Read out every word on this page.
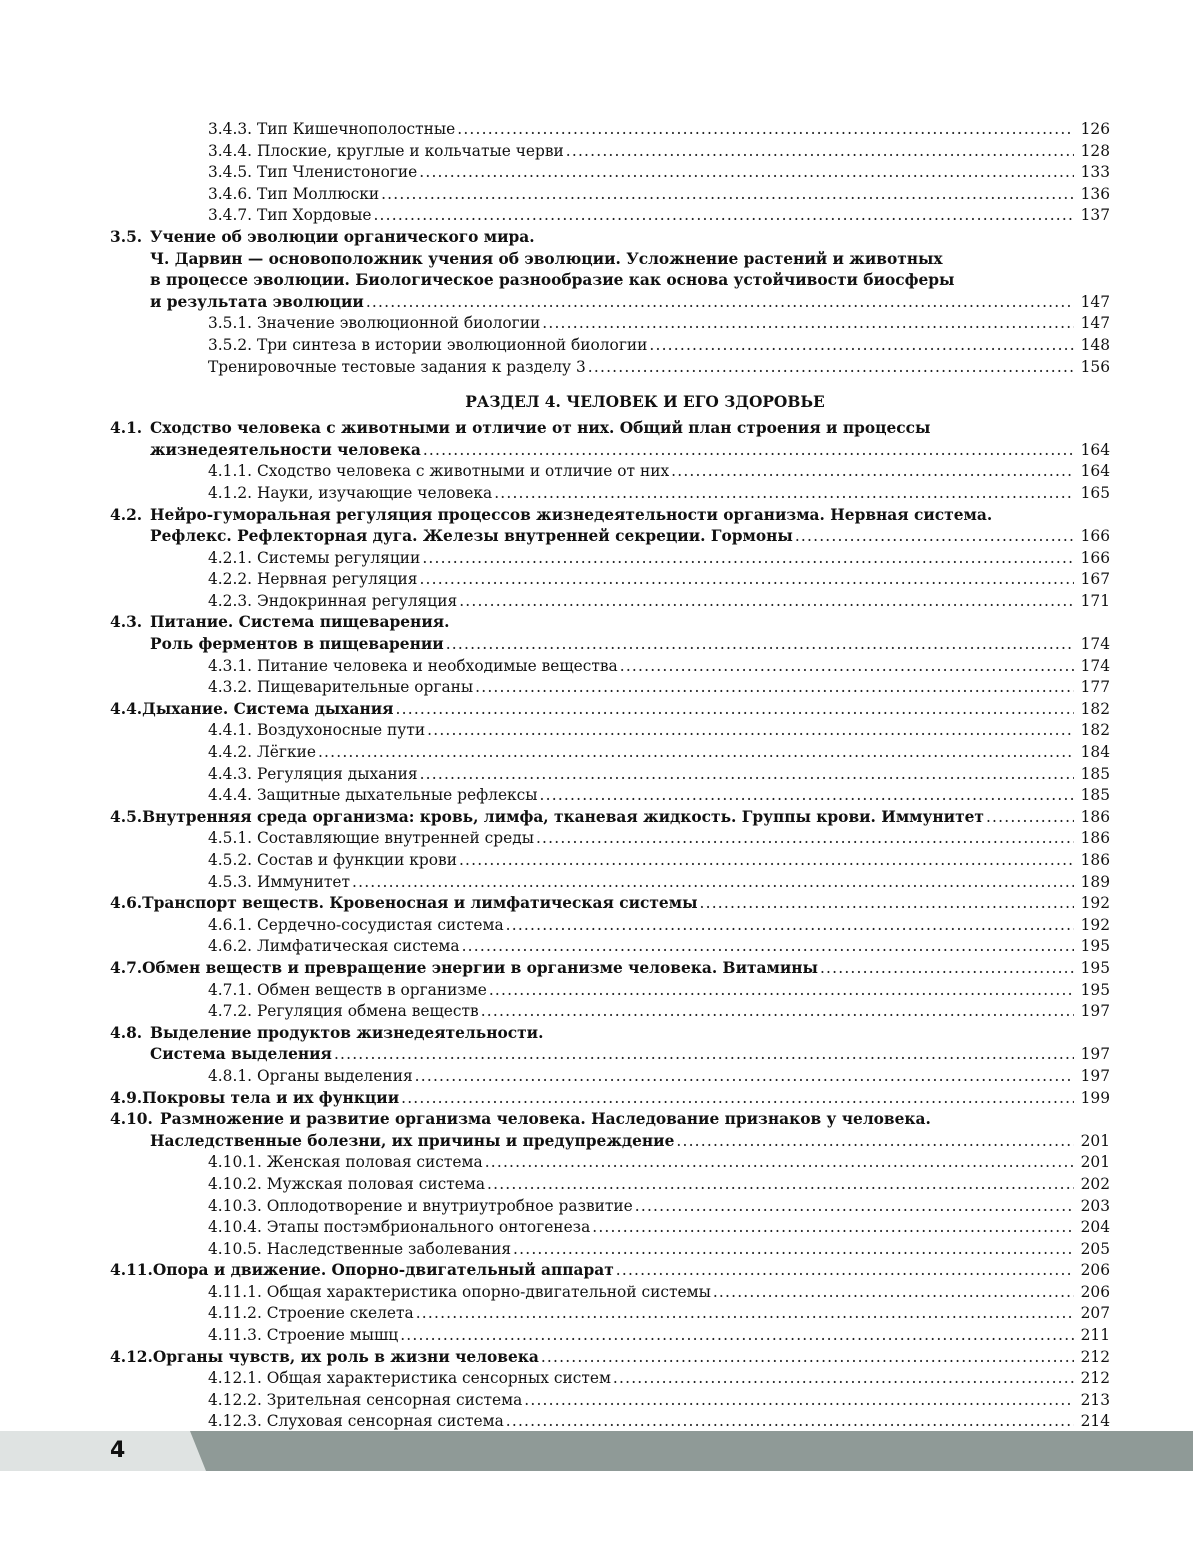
3.4.3. Тип Кишечнополостные .....	126
3.4.4. Плоские, круглые и кольчатые черви .....	128
3.4.5. Тип Членистоногие .....	133
3.4.6. Тип Моллюски .....	136
3.4.7. Тип Хордовые .....	137
3.5. Учение об эволюции органического мира.
Ч. Дарвин — основоположник учения об эволюции. Усложнение растений и животных
в процессе эволюции. Биологическое разнообразие как основа устойчивости биосферы
и результата эволюции .....	147
3.5.1. Значение эволюционной биологии .....	147
3.5.2. Три синтеза в истории эволюционной биологии .....	148
Тренировочные тестовые задания к разделу 3 .....	156
РАЗДЕЛ 4. ЧЕЛОВЕК И ЕГО ЗДОРОВЬЕ
4.1. Сходство человека с животными и отличие от них. Общий план строения и процессы
жизнедеятельности человека .....	164
4.1.1. Сходство человека с животными и отличие от них .....	164
4.1.2. Науки, изучающие человека .....	165
4.2. Нейро-гуморальная регуляция процессов жизнедеятельности организма. Нервная система.
Рефлекс. Рефлекторная дуга. Железы внутренней секреции. Гормоны .....	166
4.2.1. Системы регуляции .....	166
4.2.2. Нервная регуляция .....	167
4.2.3. Эндокринная регуляция .....	171
4.3. Питание. Система пищеварения.
Роль ферментов в пищеварении .....	174
4.3.1. Питание человека и необходимые вещества .....	174
4.3.2. Пищеварительные органы .....	177
4.4. Дыхание. Система дыхания .....	182
4.4.1. Воздухоносные пути .....	182
4.4.2. Лёгкие .....	184
4.4.3. Регуляция дыхания .....	185
4.4.4. Защитные дыхательные рефлексы .....	185
4.5. Внутренняя среда организма: кровь, лимфа, тканевая жидкость. Группы крови. Иммунитет .....	186
4.5.1. Составляющие внутренней среды .....	186
4.5.2. Состав и функции крови .....	186
4.5.3. Иммунитет .....	189
4.6. Транспорт веществ. Кровеносная и лимфатическая системы .....	192
4.6.1. Сердечно-сосудистая система .....	192
4.6.2. Лимфатическая система .....	195
4.7. Обмен веществ и превращение энергии в организме человека. Витамины .....	195
4.7.1. Обмен веществ в организме .....	195
4.7.2. Регуляция обмена веществ .....	197
4.8. Выделение продуктов жизнедеятельности.
Система выделения .....	197
4.8.1. Органы выделения .....	197
4.9. Покровы тела и их функции .....	199
4.10. Размножение и развитие организма человека. Наследование признаков у человека.
Наследственные болезни, их причины и предупреждение .....	201
4.10.1. Женская половая система .....	201
4.10.2. Мужская половая система .....	202
4.10.3. Оплодотворение и внутриутробное развитие .....	203
4.10.4. Этапы постэмбрионального онтогенеза .....	204
4.10.5. Наследственные заболевания .....	205
4.11. Опора и движение. Опорно-двигательный аппарат .....	206
4.11.1. Общая характеристика опорно-двигательной системы .....	206
4.11.2. Строение скелета .....	207
4.11.3. Строение мышц .....	211
4.12. Органы чувств, их роль в жизни человека .....	212
4.12.1. Общая характеристика сенсорных систем .....	212
4.12.2. Зрительная сенсорная система .....	213
4.12.3. Слуховая сенсорная система .....	214
4
